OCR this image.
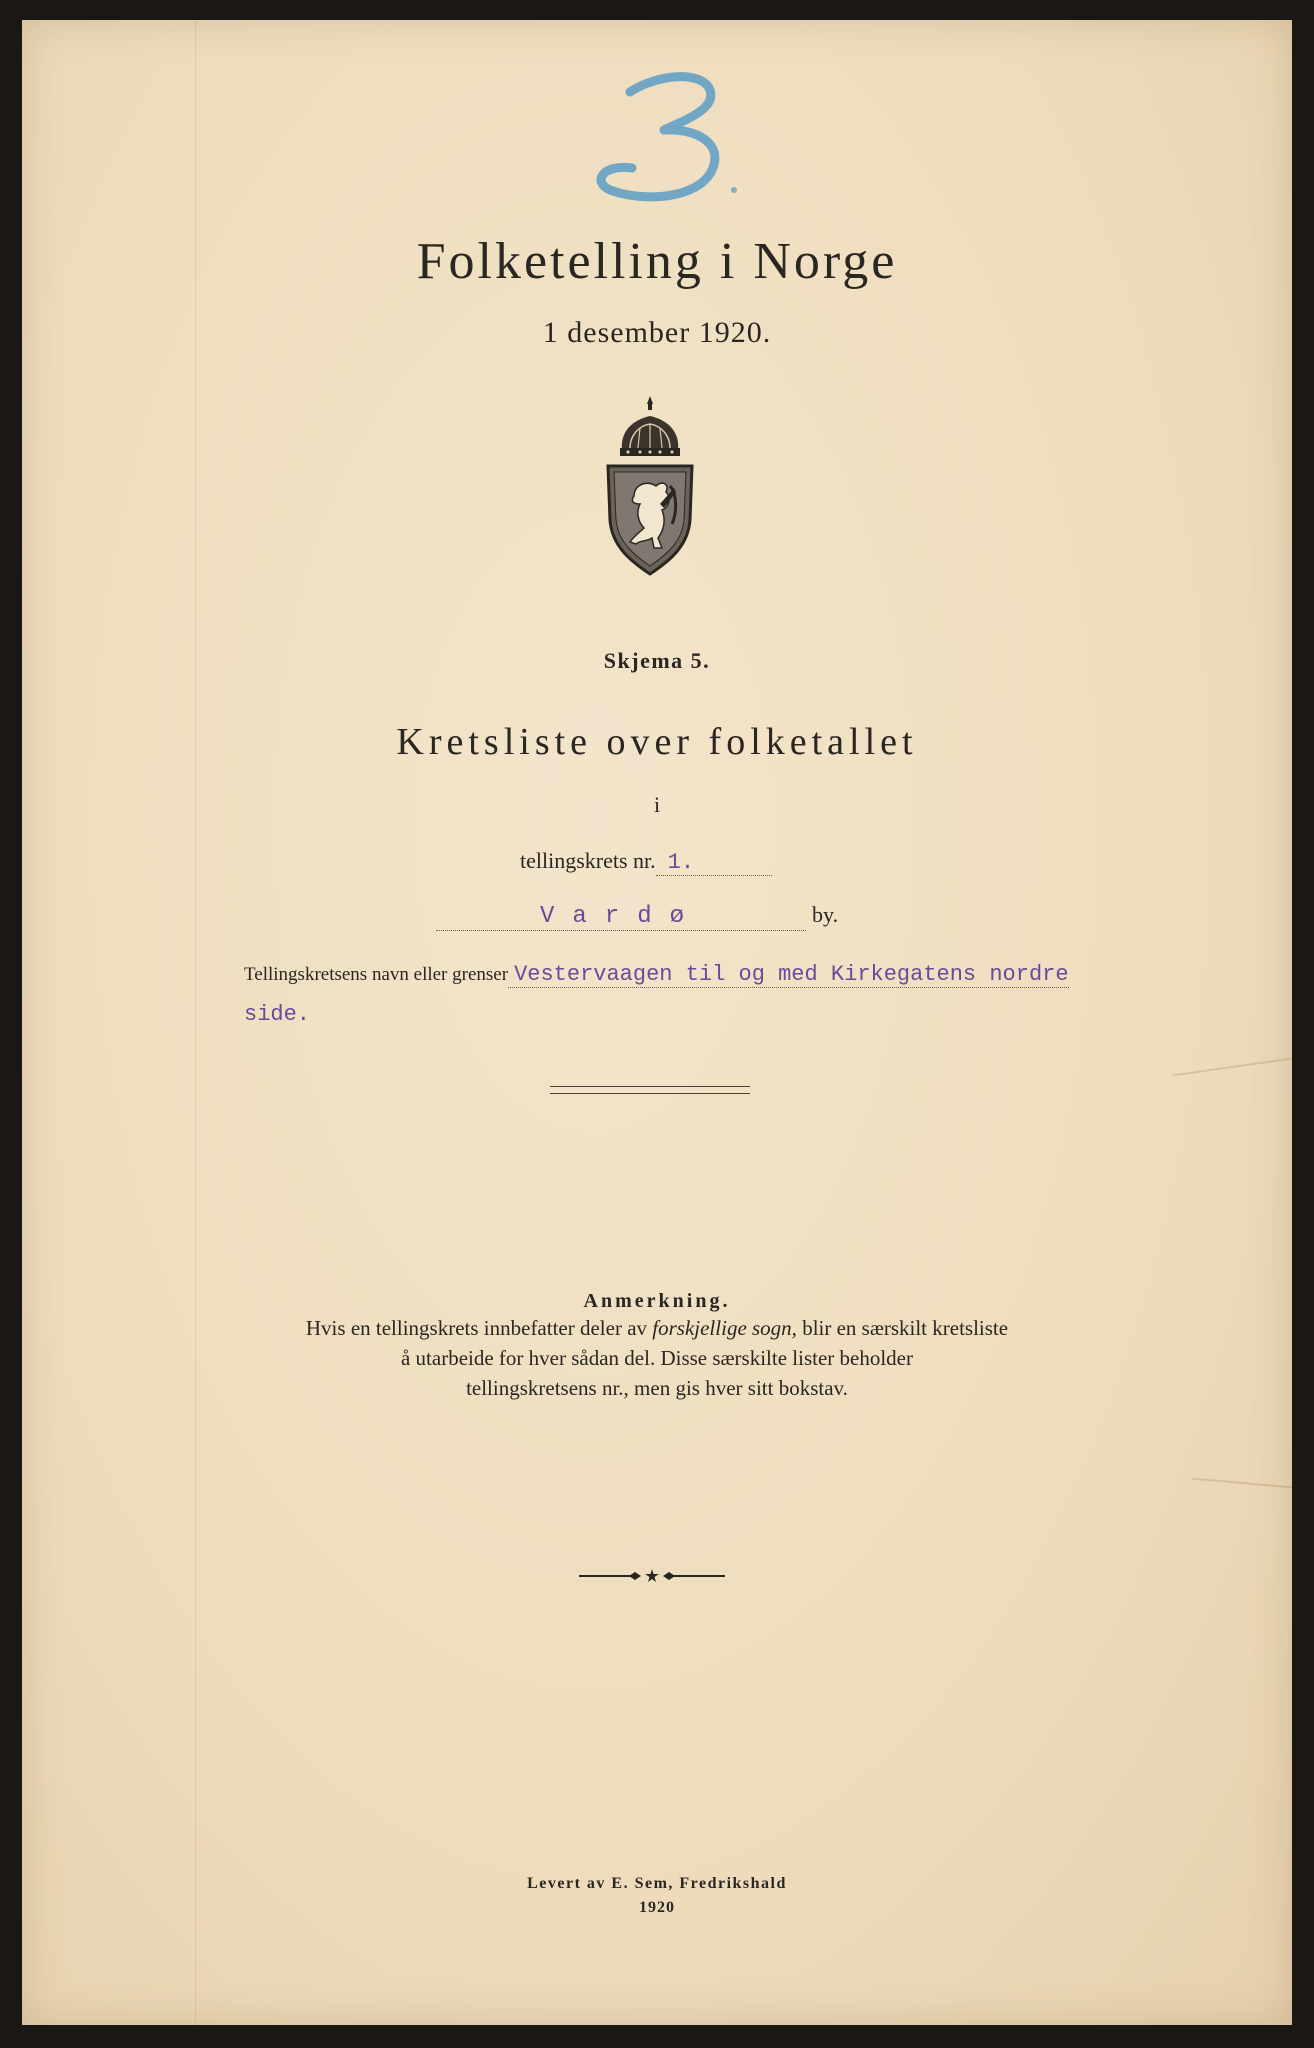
Folketelling i Norge
1 desember 1920.
Skjema 5.
Kretsliste over folketallet
i
tellingskrets nr. 1.
Vardø	by.
Tellingskretsens navn eller grenser Vestervaagen til og med Kirkegatens nordre
side.
Anmerkning.
Hvis en tellingskrets innbefatter deler av forskjellige sogn, blir en særskilt kretsliste
å utarbeide for hver sådan del. Disse særskilte lister beholder
tellingskretsens nr., men gis hver sitt bokstav.
Levert av E. Sem, Fredrikshald
1920
